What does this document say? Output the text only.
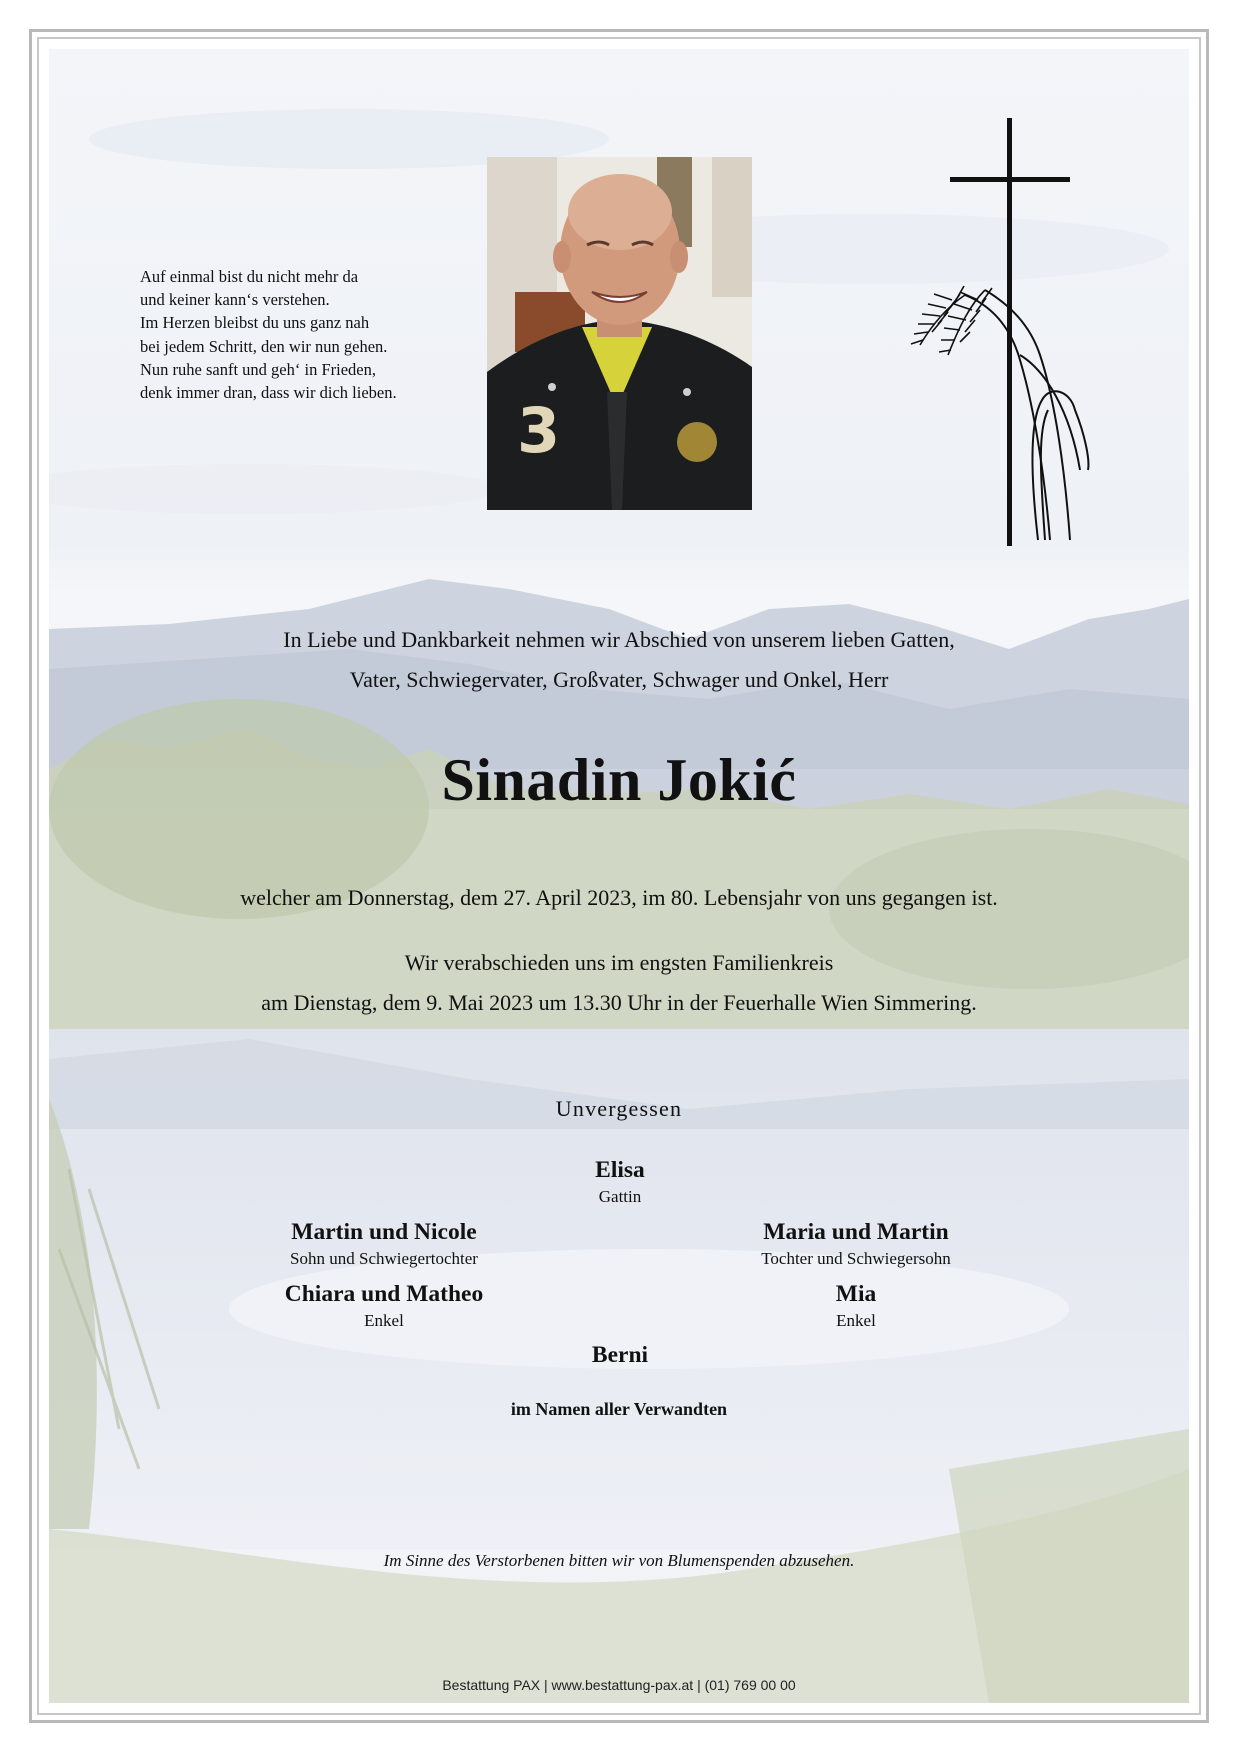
Auf einmal bist du nicht mehr da
und keiner kann‘s verstehen.
Im Herzen bleibst du uns ganz nah
bei jedem Schritt, den wir nun gehen.
Nun ruhe sanft und geh‘ in Frieden,
denk immer dran, dass wir dich lieben.
3
In Liebe und Dankbarkeit nehmen wir Abschied von unserem lieben Gatten,
Vater, Schwiegervater, Großvater, Schwager und Onkel, Herr
Sinadin Jokić
welcher am Donnerstag, dem 27. April 2023, im 80. Lebensjahr von uns gegangen ist.
Wir verabschieden uns im engsten Familienkreis
am Dienstag, dem 9. Mai 2023 um 13.30 Uhr in der Feuerhalle Wien Simmering.
Unvergessen
Elisa
Gattin
Martin und Nicole
Sohn und Schwiegertochter
Maria und Martin
Tochter und Schwiegersohn
Chiara und Matheo
Enkel
Mia
Enkel
Berni
im Namen aller Verwandten
Im Sinne des Verstorbenen bitten wir von Blumenspenden abzusehen.
Bestattung PAX | www.bestattung-pax.at | (01) 769 00 00
